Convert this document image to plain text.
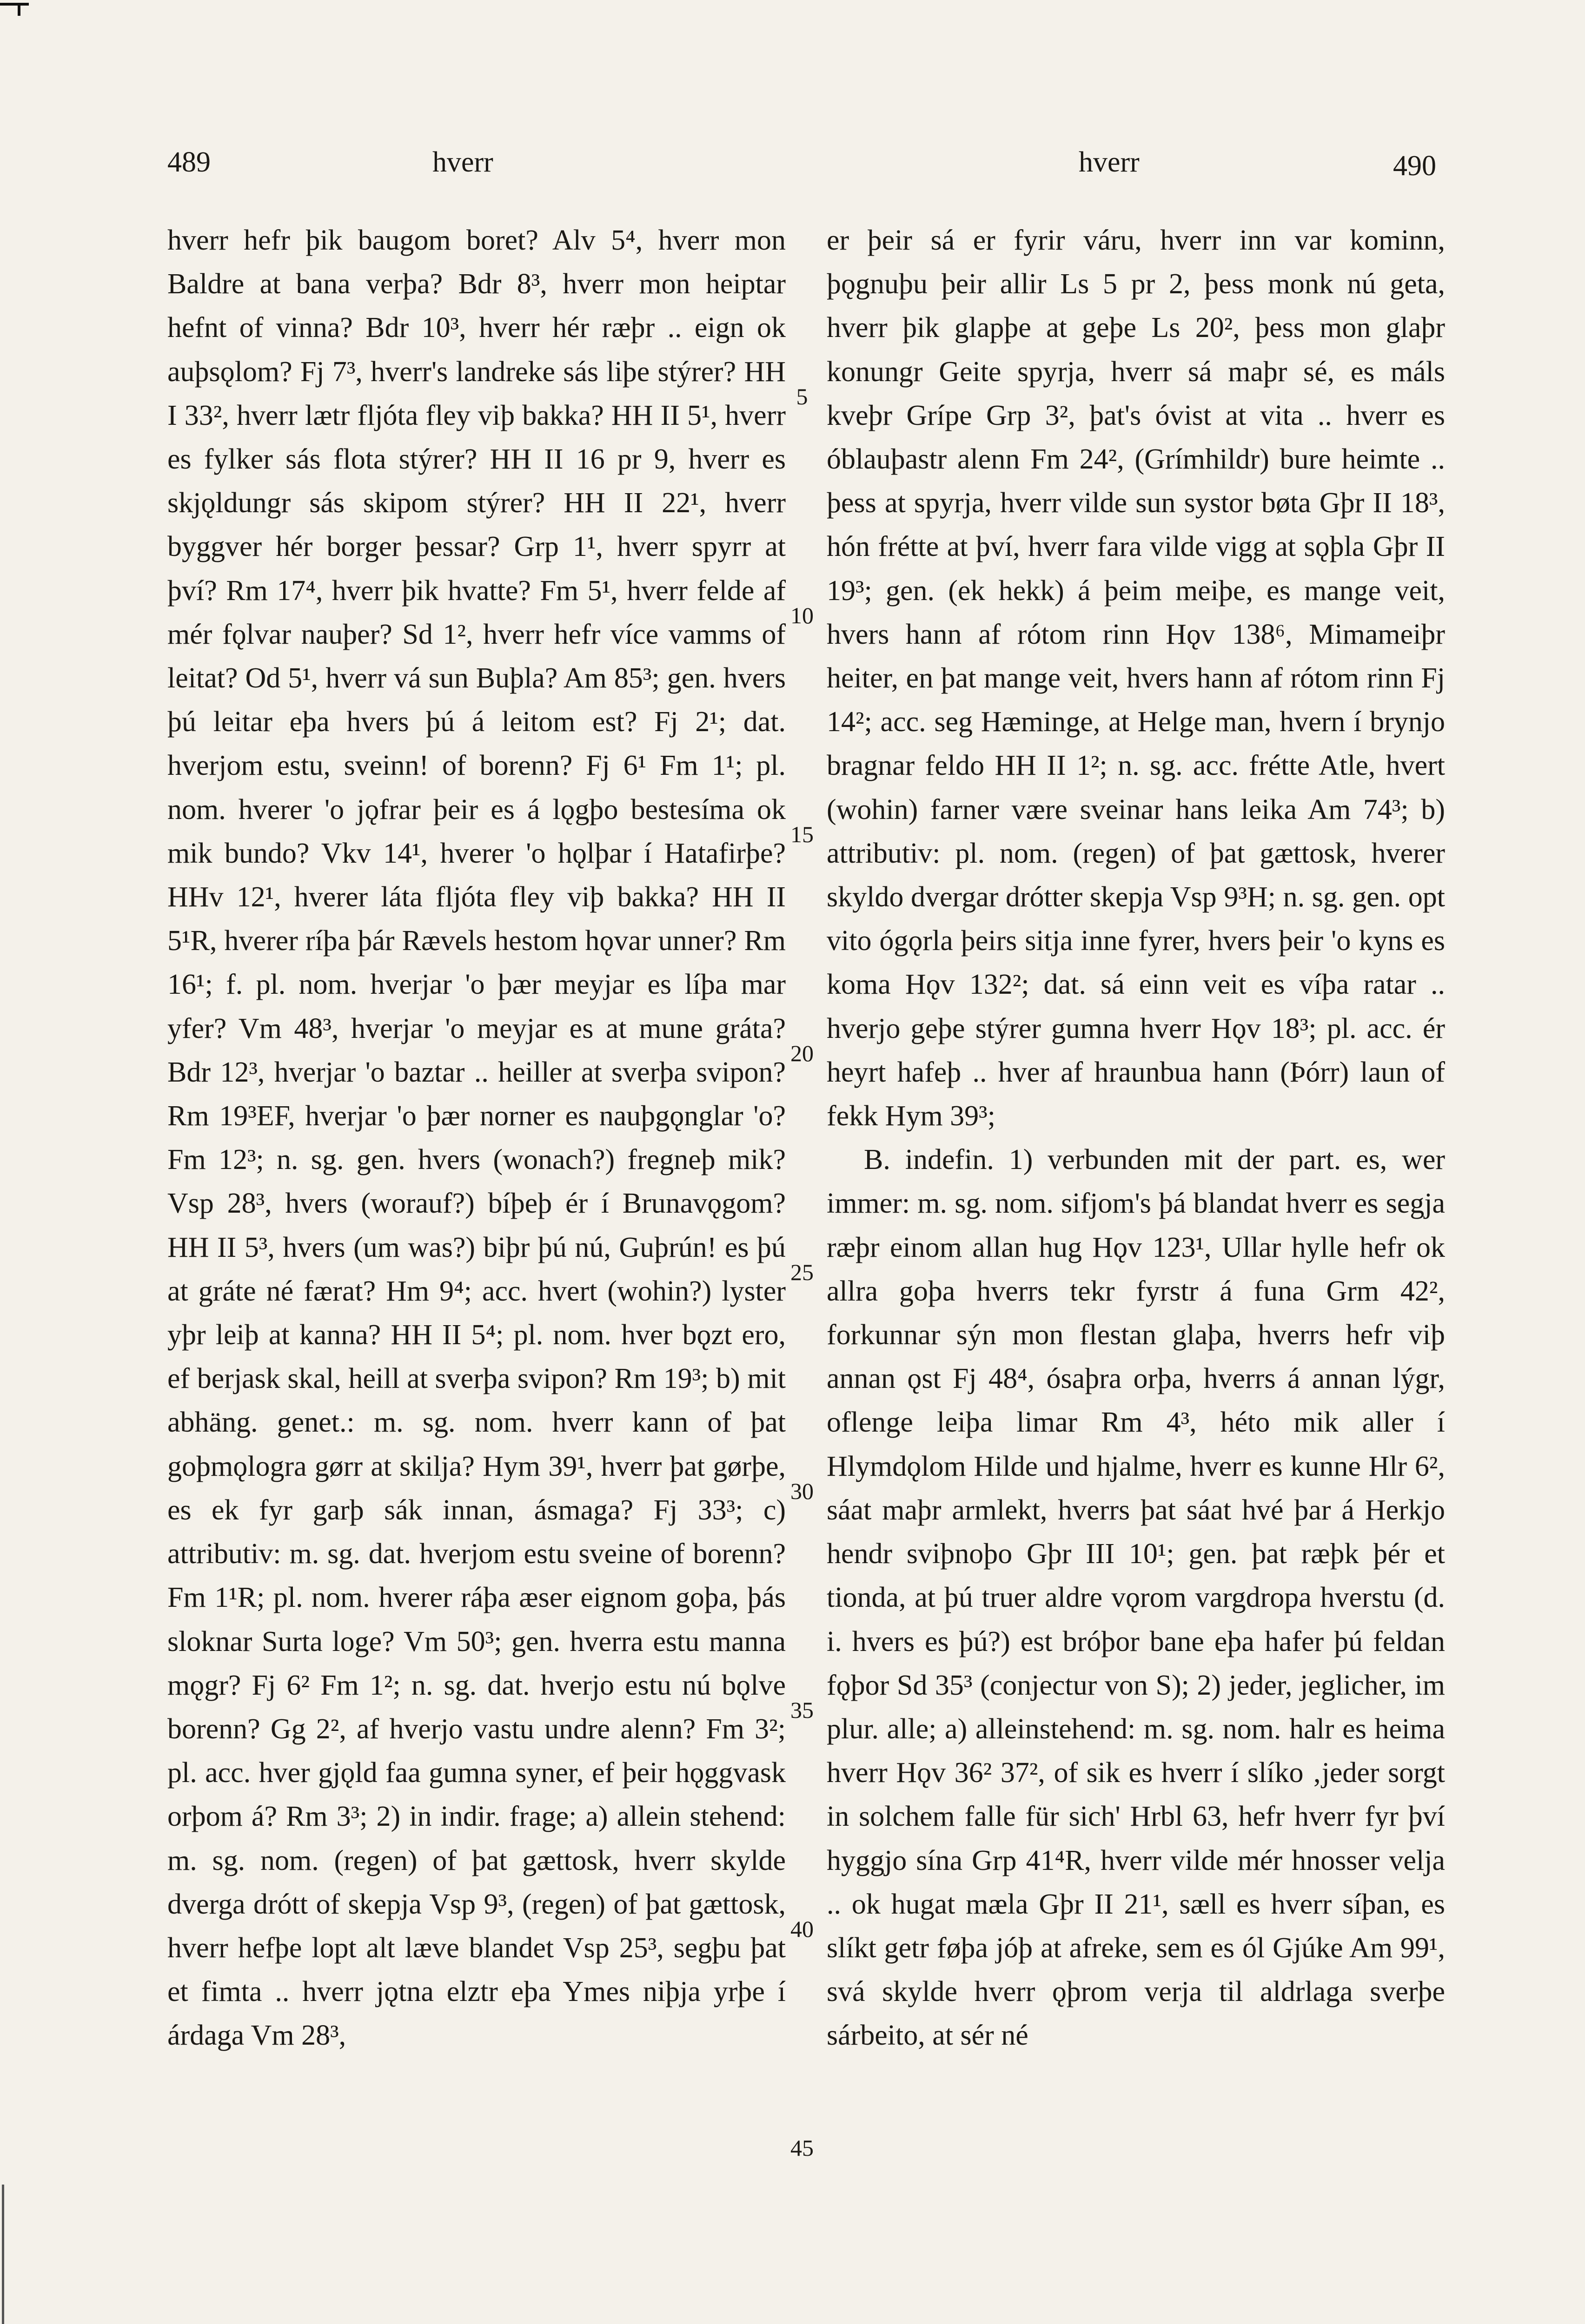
489	hverr	hverr	490

hverr hefr þik baugom boret? Alv 5⁴, hverr mon Baldre at bana verþa? Bdr 8³, hverr mon heiptar hefnt of vinna? Bdr 10³, hverr hér ræþr .. eign ok auþsǫlom? Fj 7³, hverr's landreke sás liþe stýrer? HH I 33², hverr lætr fljóta fley viþ bakka? HH II 5¹, hverr es fylker sás flota stýrer? HH II 16 pr 9, hverr es skjǫldungr sás skipom stýrer? HH II 22¹, hverr byggver hér borger þessar? Grp 1¹, hverr spyrr at því? Rm 17⁴, hverr þik hvatte? Fm 5¹, hverr felde af mér fǫlvar nauþer? Sd 1², hverr hefr více vamms of leitat? Od 5¹, hverr vá sun Buþla? Am 85³; gen. hvers þú leitar eþa hvers þú á leitom est? Fj 2¹; dat. hverjom estu, sveinn! of borenn? Fj 6¹ Fm 1¹; pl. nom. hverer 'o jǫfrar þeir es á lǫgþo bestesíma ok mik bundo? Vkv 14¹, hverer 'o hǫlþar í Hatafirþe? HHv 12¹, hverer láta fljóta fley viþ bakka? HH II 5¹R, hverer ríþa þár Rævels hestom hǫvar unner? Rm 16¹; f. pl. nom. hverjar 'o þær meyjar es líþa mar yfer? Vm 48³, hverjar 'o meyjar es at mune gráta? Bdr 12³, hverjar 'o baztar .. heiller at sverþa svipon? Rm 19³EF, hverjar 'o þær norner es nauþgǫnglar 'o? Fm 12³; n. sg. gen. hvers (wonach?) fregneþ mik? Vsp 28³, hvers (worauf?) bíþeþ ér í Brunavǫgom? HH II 5³, hvers (um was?) biþr þú nú, Guþrún! es þú at gráte né færat? Hm 9⁴; acc. hvert (wohin?) lyster yþr leiþ at kanna? HH II 5⁴; pl. nom. hver bǫzt ero, ef berjask skal, heill at sverþa svipon? Rm 19³; b) mit abhäng. genet.: m. sg. nom. hverr kann of þat goþmǫlogra gørr at skilja? Hym 39¹, hverr þat gørþe, es ek fyr garþ sák innan, ásmaga? Fj 33³; c) attributiv: m. sg. dat. hverjom estu sveine of borenn? Fm 1¹R; pl. nom. hverer ráþa æser eignom goþa, þás sloknar Surta loge? Vm 50³; gen. hverra estu manna mǫgr? Fj 6² Fm 1²; n. sg. dat. hverjo estu nú bǫlve borenn? Gg 2², af hverjo vastu undre alenn? Fm 3²; pl. acc. hver gjǫld faa gumna syner, ef þeir hǫggvask orþom á? Rm 3³; 2) in indir. frage; a) allein stehend: m. sg. nom. (regen) of þat gættosk, hverr skylde dverga drótt of skepja Vsp 9³, (regen) of þat gættosk, hverr hefþe lopt alt læve blandet Vsp 25³, segþu þat et fimta .. hverr jǫtna elztr eþa Ymes niþja yrþe í árdaga Vm 28³,

5
10
15
20
25
30
35
40
45

er þeir sá er fyrir váru, hverr inn var kominn, þǫgnuþu þeir allir Ls 5 pr 2, þess monk nú geta, hverr þik glapþe at geþe Ls 20², þess mon glaþr konungr Geite spyrja, hverr sá maþr sé, es máls kveþr Grípe Grp 3², þat's óvist at vita .. hverr es óblauþastr alenn Fm 24², (Grímhildr) bure heimte .. þess at spyrja, hverr vilde sun systor bøta Gþr II 18³, hón frétte at því, hverr fara vilde vigg at sǫþla Gþr II 19³; gen. (ek hekk) á þeim meiþe, es mange veit, hvers hann af rótom rinn Hǫv 138⁶, Mimameiþr heiter, en þat mange veit, hvers hann af rótom rinn Fj 14²; acc. seg Hæminge, at Helge man, hvern í brynjo bragnar feldo HH II 1²; n. sg. acc. frétte Atle, hvert (wohin) farner være sveinar hans leika Am 74³; b) attributiv: pl. nom. (regen) of þat gættosk, hverer skyldo dvergar drótter skepja Vsp 9³H; n. sg. gen. opt vito ógǫrla þeirs sitja inne fyrer, hvers þeir 'o kyns es koma Hǫv 132²; dat. sá einn veit es víþa ratar .. hverjo geþe stýrer gumna hverr Hǫv 18³; pl. acc. ér heyrt hafeþ .. hver af hraunbua hann (Þórr) laun of fekk Hym 39³;

B. indefin. 1) verbunden mit der part. es, wer immer: m. sg. nom. sifjom's þá blandat hverr es segja ræþr einom allan hug Hǫv 123¹, Ullar hylle hefr ok allra goþa hverrs tekr fyrstr á funa Grm 42², forkunnar sýn mon flestan glaþa, hverrs hefr viþ annan ǫst Fj 48⁴, ósaþra orþa, hverrs á annan lýgr, oflenge leiþa limar Rm 4³, héto mik aller í Hlymdǫlom Hilde und hjalme, hverr es kunne Hlr 6², sáat maþr armlekt, hverrs þat sáat hvé þar á Herkjo hendr sviþnoþo Gþr III 10¹; gen. þat ræþk þér et tionda, at þú truer aldre vǫrom vargdropa hverstu (d. i. hvers es þú?) est bróþor bane eþa hafer þú feldan fǫþor Sd 35³ (conjectur von S); 2) jeder, jeglicher, im plur. alle; a) alleinstehend: m. sg. nom. halr es heima hverr Hǫv 36² 37², of sik es hverr í slíko ‚jeder sorgt in solchem falle für sich' Hrbl 63, hefr hverr fyr því hyggjo sína Grp 41⁴R, hverr vilde mér hnosser velja .. ok hugat mæla Gþr II 21¹, sæll es hverr síþan, es slíkt getr føþa jóþ at afreke, sem es ól Gjúke Am 99¹, svá skylde hverr ǫþrom verja til aldrlaga sverþe sárbeito, at sér né
